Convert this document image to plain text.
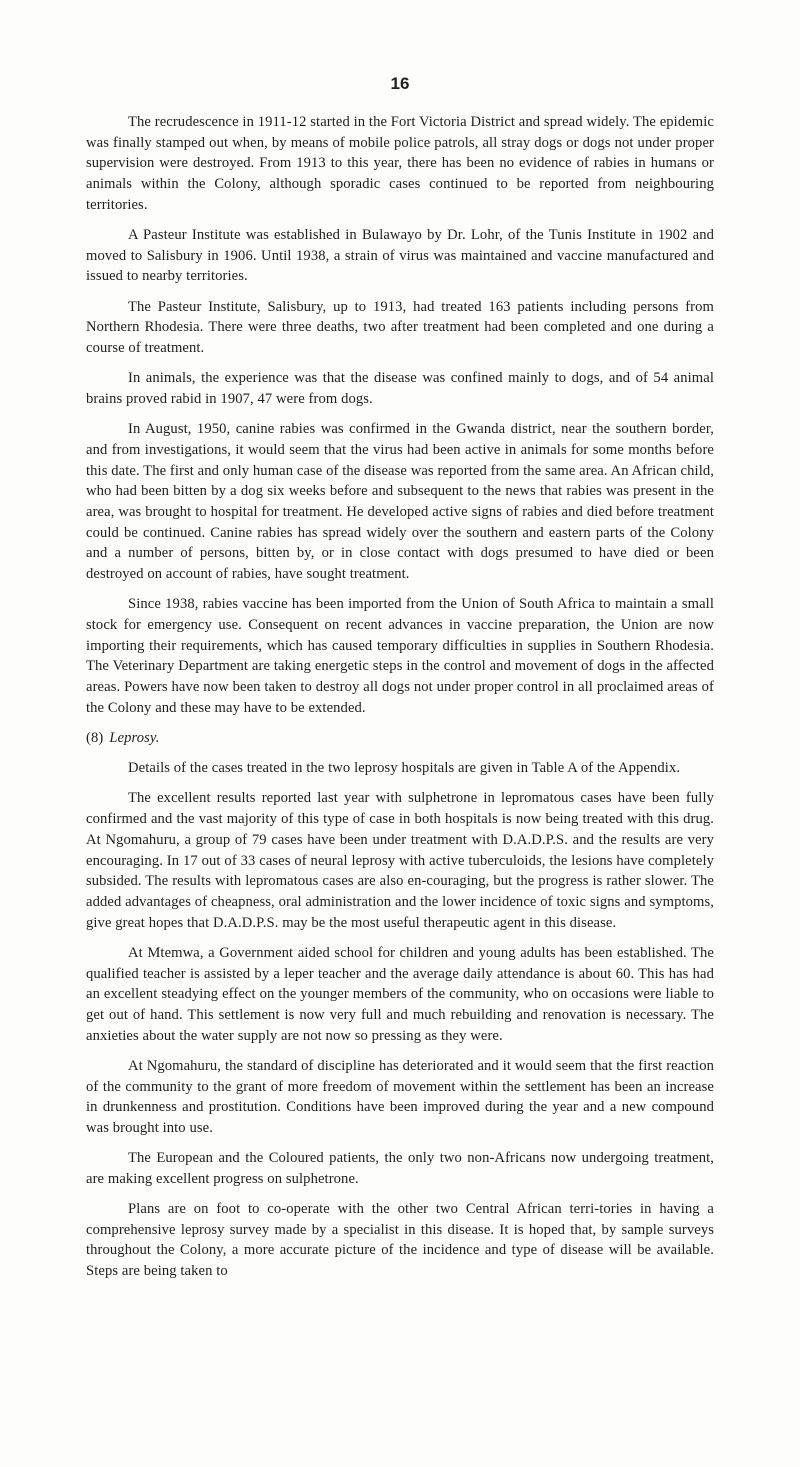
16

The recrudescence in 1911-12 started in the Fort Victoria District and spread widely. The epidemic was finally stamped out when, by means of mobile police patrols, all stray dogs or dogs not under proper supervision were destroyed. From 1913 to this year, there has been no evidence of rabies in humans or animals within the Colony, although sporadic cases continued to be reported from neighbouring territories.

A Pasteur Institute was established in Bulawayo by Dr. Lohr, of the Tunis Institute in 1902 and moved to Salisbury in 1906. Until 1938, a strain of virus was maintained and vaccine manufactured and issued to nearby territories.

The Pasteur Institute, Salisbury, up to 1913, had treated 163 patients including persons from Northern Rhodesia. There were three deaths, two after treatment had been completed and one during a course of treatment.

In animals, the experience was that the disease was confined mainly to dogs, and of 54 animal brains proved rabid in 1907, 47 were from dogs.

In August, 1950, canine rabies was confirmed in the Gwanda district, near the southern border, and from investigations, it would seem that the virus had been active in animals for some months before this date. The first and only human case of the disease was reported from the same area. An African child, who had been bitten by a dog six weeks before and subsequent to the news that rabies was present in the area, was brought to hospital for treatment. He developed active signs of rabies and died before treatment could be continued. Canine rabies has spread widely over the southern and eastern parts of the Colony and a number of persons, bitten by, or in close contact with dogs presumed to have died or been destroyed on account of rabies, have sought treatment.

Since 1938, rabies vaccine has been imported from the Union of South Africa to maintain a small stock for emergency use. Consequent on recent advances in vaccine preparation, the Union are now importing their requirements, which has caused temporary difficulties in supplies in Southern Rhodesia. The Veterinary Department are taking energetic steps in the control and movement of dogs in the affected areas. Powers have now been taken to destroy all dogs not under proper control in all proclaimed areas of the Colony and these may have to be extended.

(8) Leprosy.

Details of the cases treated in the two leprosy hospitals are given in Table A of the Appendix.

The excellent results reported last year with sulphetrone in lepromatous cases have been fully confirmed and the vast majority of this type of case in both hospitals is now being treated with this drug. At Ngomahuru, a group of 79 cases have been under treatment with D.A.D.P.S. and the results are very encouraging. In 17 out of 33 cases of neural leprosy with active tuberculoids, the lesions have completely subsided. The results with lepromatous cases are also en-couraging, but the progress is rather slower. The added advantages of cheapness, oral administration and the lower incidence of toxic signs and symptoms, give great hopes that D.A.D.P.S. may be the most useful therapeutic agent in this disease.

At Mtemwa, a Government aided school for children and young adults has been established. The qualified teacher is assisted by a leper teacher and the average daily attendance is about 60. This has had an excellent steadying effect on the younger members of the community, who on occasions were liable to get out of hand. This settlement is now very full and much rebuilding and renovation is necessary. The anxieties about the water supply are not now so pressing as they were.

At Ngomahuru, the standard of discipline has deteriorated and it would seem that the first reaction of the community to the grant of more freedom of movement within the settlement has been an increase in drunkenness and prostitution. Conditions have been improved during the year and a new compound was brought into use.

The European and the Coloured patients, the only two non-Africans now undergoing treatment, are making excellent progress on sulphetrone.

Plans are on foot to co-operate with the other two Central African terri-tories in having a comprehensive leprosy survey made by a specialist in this disease. It is hoped that, by sample surveys throughout the Colony, a more accurate picture of the incidence and type of disease will be available. Steps are being taken to
